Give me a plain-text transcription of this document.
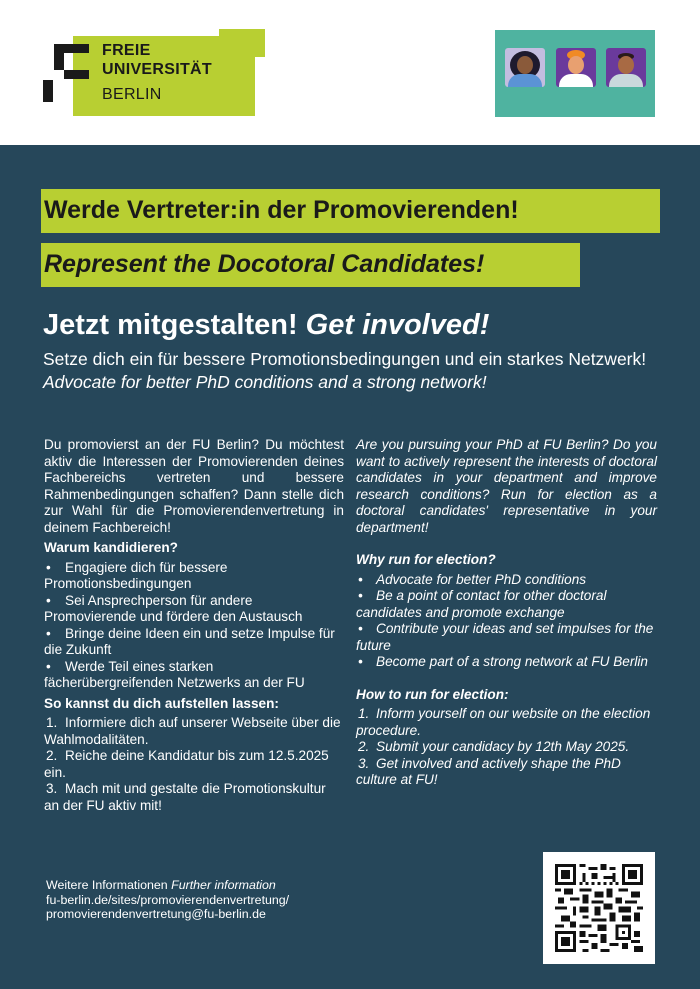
FREIE
UNIVERSITÄT
BERLIN
Werde Vertreter:in der Promovierenden!
Represent the Docotoral Candidates!
Jetzt mitgestalten! Get involved!
Setze dich ein für bessere Promotionsbedingungen und ein starkes Netzwerk! Advocate for better PhD conditions and a strong network!

Du promovierst an der FU Berlin? Du möchtest aktiv die Interessen der Promovierenden deines Fachbereichs vertreten und bessere Rahmenbedingungen schaffen? Dann stelle dich zur Wahl für die Promovierendenvertretung in deinem Fachbereich!

Warum kandidieren?

• Engagiere dich für bessere Promotionsbedingungen
• Sei Ansprechperson für andere Promovierende und fördere den Austausch
• Bringe deine Ideen ein und setze Impulse für die Zukunft
• Werde Teil eines starken fächerübergreifenden Netzwerks an der FU

So kannst du dich aufstellen lassen:

1. Informiere dich auf unserer Webseite über die Wahlmodalitäten.
2. Reiche deine Kandidatur bis zum 12.5.2025 ein.
3. Mach mit und gestalte die Promotionskultur an der FU aktiv mit!

Are you pursuing your PhD at FU Berlin? Do you want to actively represent the interests of doctoral candidates in your department and improve research conditions? Run for election as a doctoral candidates' representative in your department!

Why run for election?

• Advocate for better PhD conditions
• Be a point of contact for other doctoral candidates and promote exchange
• Contribute your ideas and set impulses for the future
• Become part of a strong network at FU Berlin

How to run for election:

1. Inform yourself on our website on the election procedure.
2. Submit your candidacy by 12th May 2025.
3. Get involved and actively shape the PhD culture at FU!
Weitere Informationen Further information
fu-berlin.de/sites/promovierendenvertretung/
promovierendenvertretung@fu-berlin.de
